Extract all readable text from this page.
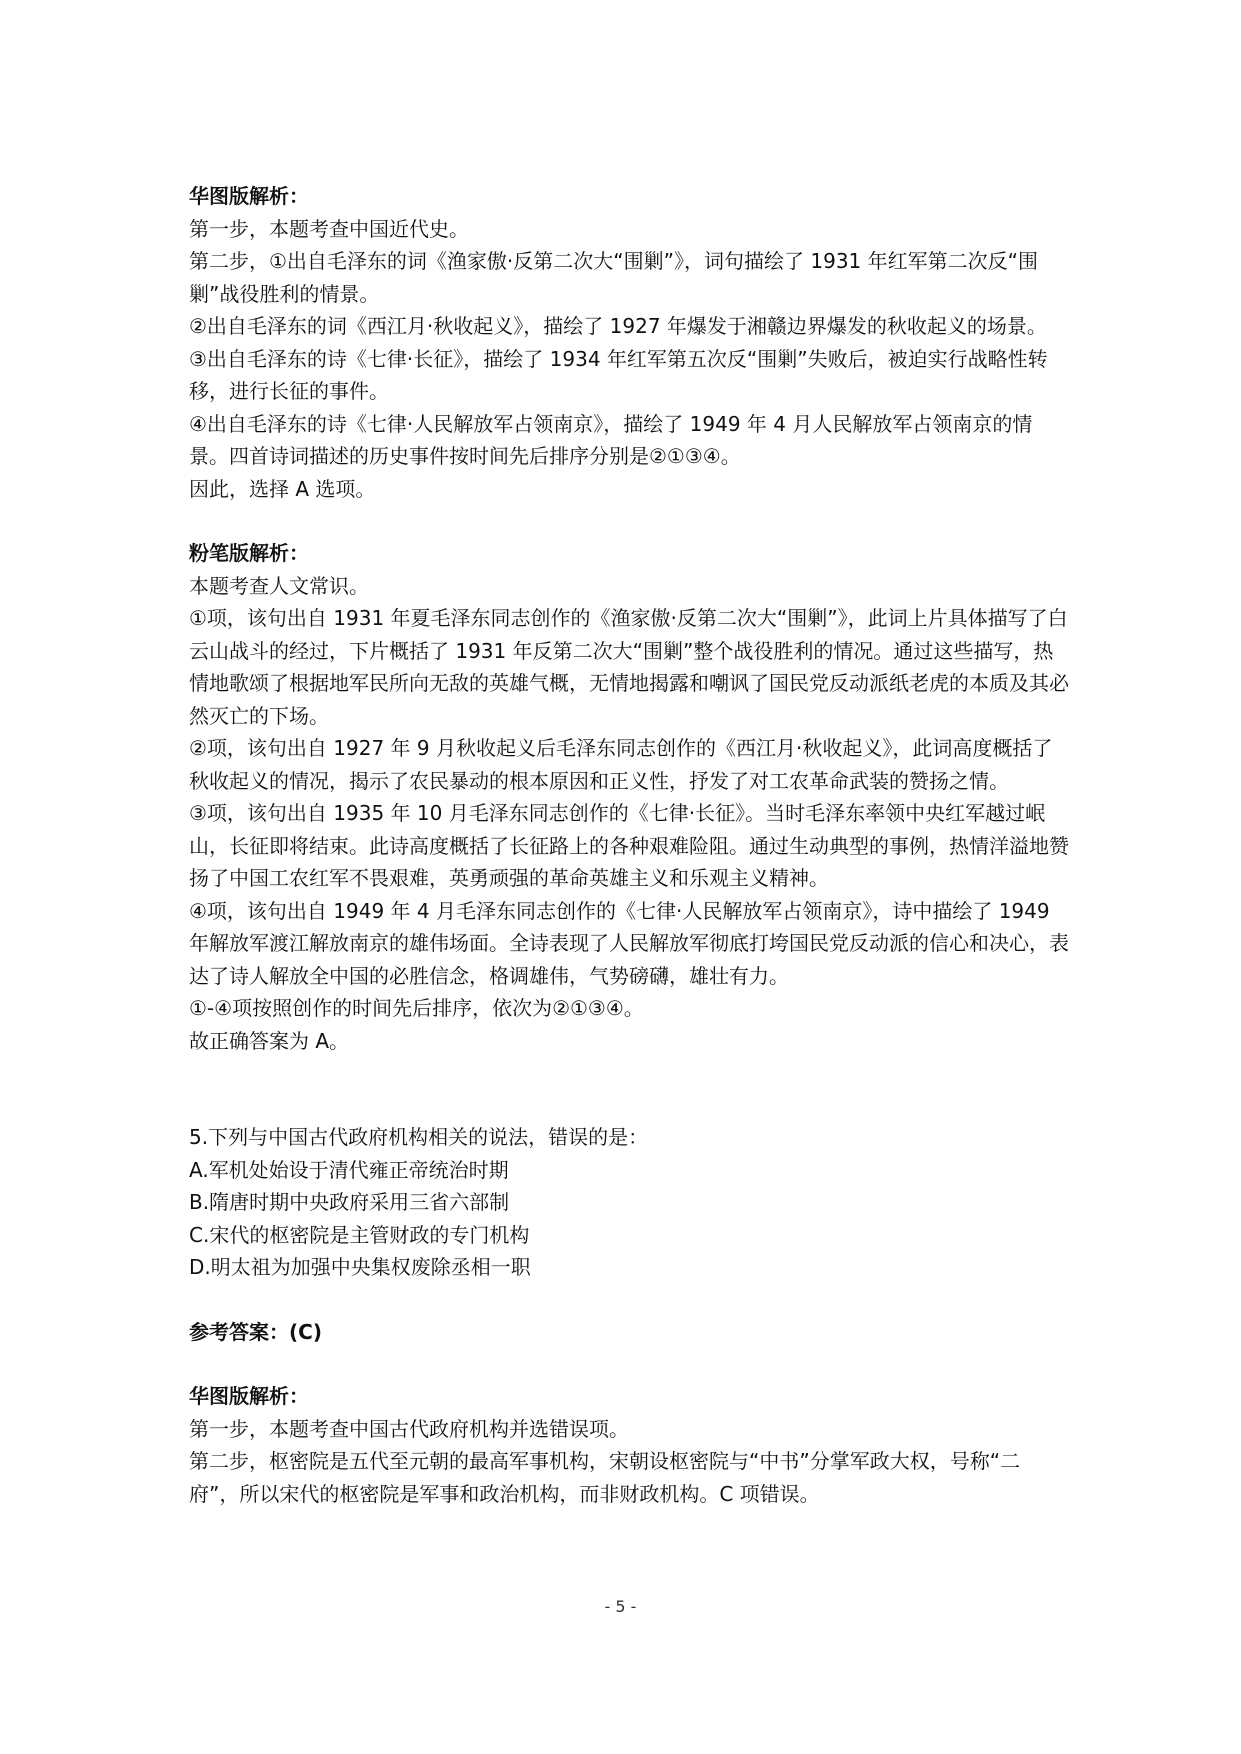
华图版解析：

第一步，本题考查中国近代史。

第二步，①出自毛泽东的词《渔家傲·反第二次大“围剿”》，词句描绘了 1931 年红军第二次反“围剿”战役胜利的情景。

②出自毛泽东的词《西江月·秋收起义》，描绘了 1927 年爆发于湘赣边界爆发的秋收起义的场景。

③出自毛泽东的诗《七律·长征》，描绘了 1934 年红军第五次反“围剿”失败后，被迫实行战略性转移，进行长征的事件。

④出自毛泽东的诗《七律·人民解放军占领南京》，描绘了 1949 年 4 月人民解放军占领南京的情景。四首诗词描述的历史事件按时间先后排序分别是②①③④。

因此，选择 A 选项。

粉笔版解析：

本题考查人文常识。

①项，该句出自 1931 年夏毛泽东同志创作的《渔家傲·反第二次大“围剿”》，此词上片具体描写了白云山战斗的经过，下片概括了 1931 年反第二次大“围剿”整个战役胜利的情况。通过这些描写，热情地歌颂了根据地军民所向无敌的英雄气概，无情地揭露和嘲讽了国民党反动派纸老虎的本质及其必然灭亡的下场。

②项，该句出自 1927 年 9 月秋收起义后毛泽东同志创作的《西江月·秋收起义》，此词高度概括了秋收起义的情况，揭示了农民暴动的根本原因和正义性，抒发了对工农革命武装的赞扬之情。

③项，该句出自 1935 年 10 月毛泽东同志创作的《七律·长征》。当时毛泽东率领中央红军越过岷山，长征即将结束。此诗高度概括了长征路上的各种艰难险阻。通过生动典型的事例，热情洋溢地赞扬了中国工农红军不畏艰难，英勇顽强的革命英雄主义和乐观主义精神。

④项，该句出自 1949 年 4 月毛泽东同志创作的《七律·人民解放军占领南京》，诗中描绘了 1949 年解放军渡江解放南京的雄伟场面。全诗表现了人民解放军彻底打垮国民党反动派的信心和决心，表达了诗人解放全中国的必胜信念，格调雄伟，气势磅礴，雄壮有力。

①-④项按照创作的时间先后排序，依次为②①③④。

故正确答案为 A。

5.下列与中国古代政府机构相关的说法，错误的是：

A.军机处始设于清代雍正帝统治时期

B.隋唐时期中央政府采用三省六部制

C.宋代的枢密院是主管财政的专门机构

D.明太祖为加强中央集权废除丞相一职

参考答案：(C)

华图版解析：

第一步，本题考查中国古代政府机构并选错误项。

第二步，枢密院是五代至元朝的最高军事机构，宋朝设枢密院与“中书”分掌军政大权，号称“二府”，所以宋代的枢密院是军事和政治机构，而非财政机构。C 项错误。

- 5 -
